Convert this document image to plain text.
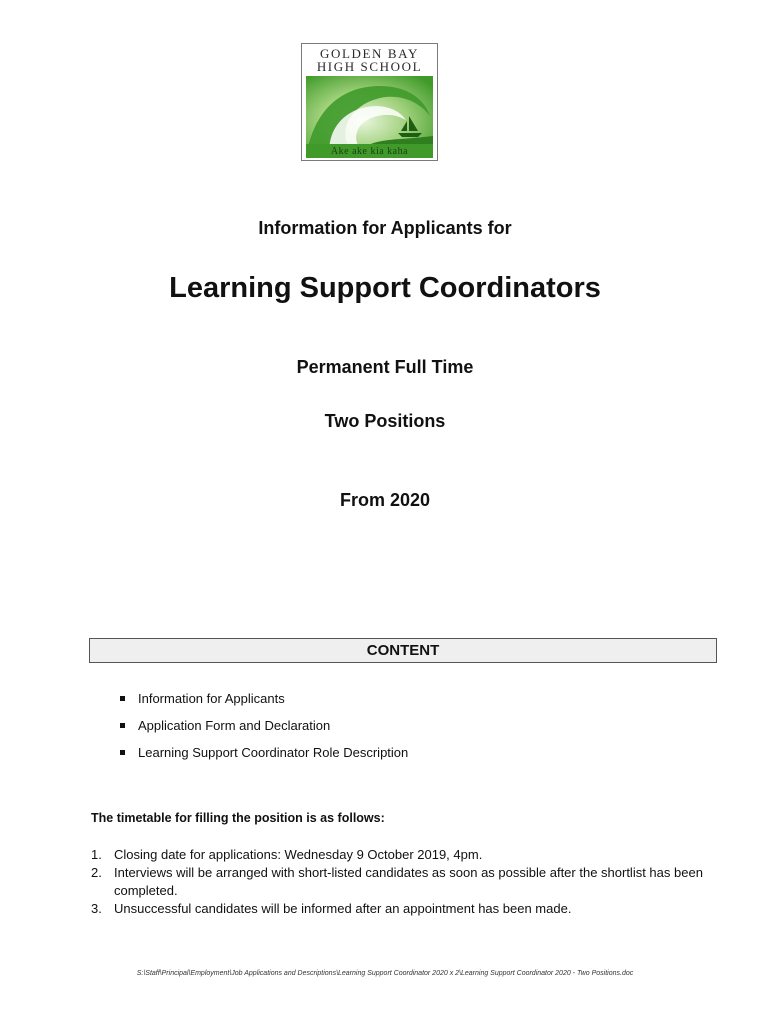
GOLDEN BAY
HIGH SCHOOL
Ake ake kia kaha
Information for Applicants for
Learning Support Coordinators
Permanent Full Time
Two Positions
From 2020
CONTENT
Information for Applicants
Application Form and Declaration
Learning Support Coordinator Role Description
The timetable for filling the position is as follows:
1. Closing date for applications: Wednesday 9 October 2019, 4pm.
2. Interviews will be arranged with short-listed candidates as soon as possible after the shortlist has been completed.
3. Unsuccessful candidates will be informed after an appointment has been made.
S:\Staff\Principal\Employment\Job Applications and Descriptions\Learning Support Coordinator 2020 x 2\Learning Support Coordinator 2020 - Two Positions.doc
